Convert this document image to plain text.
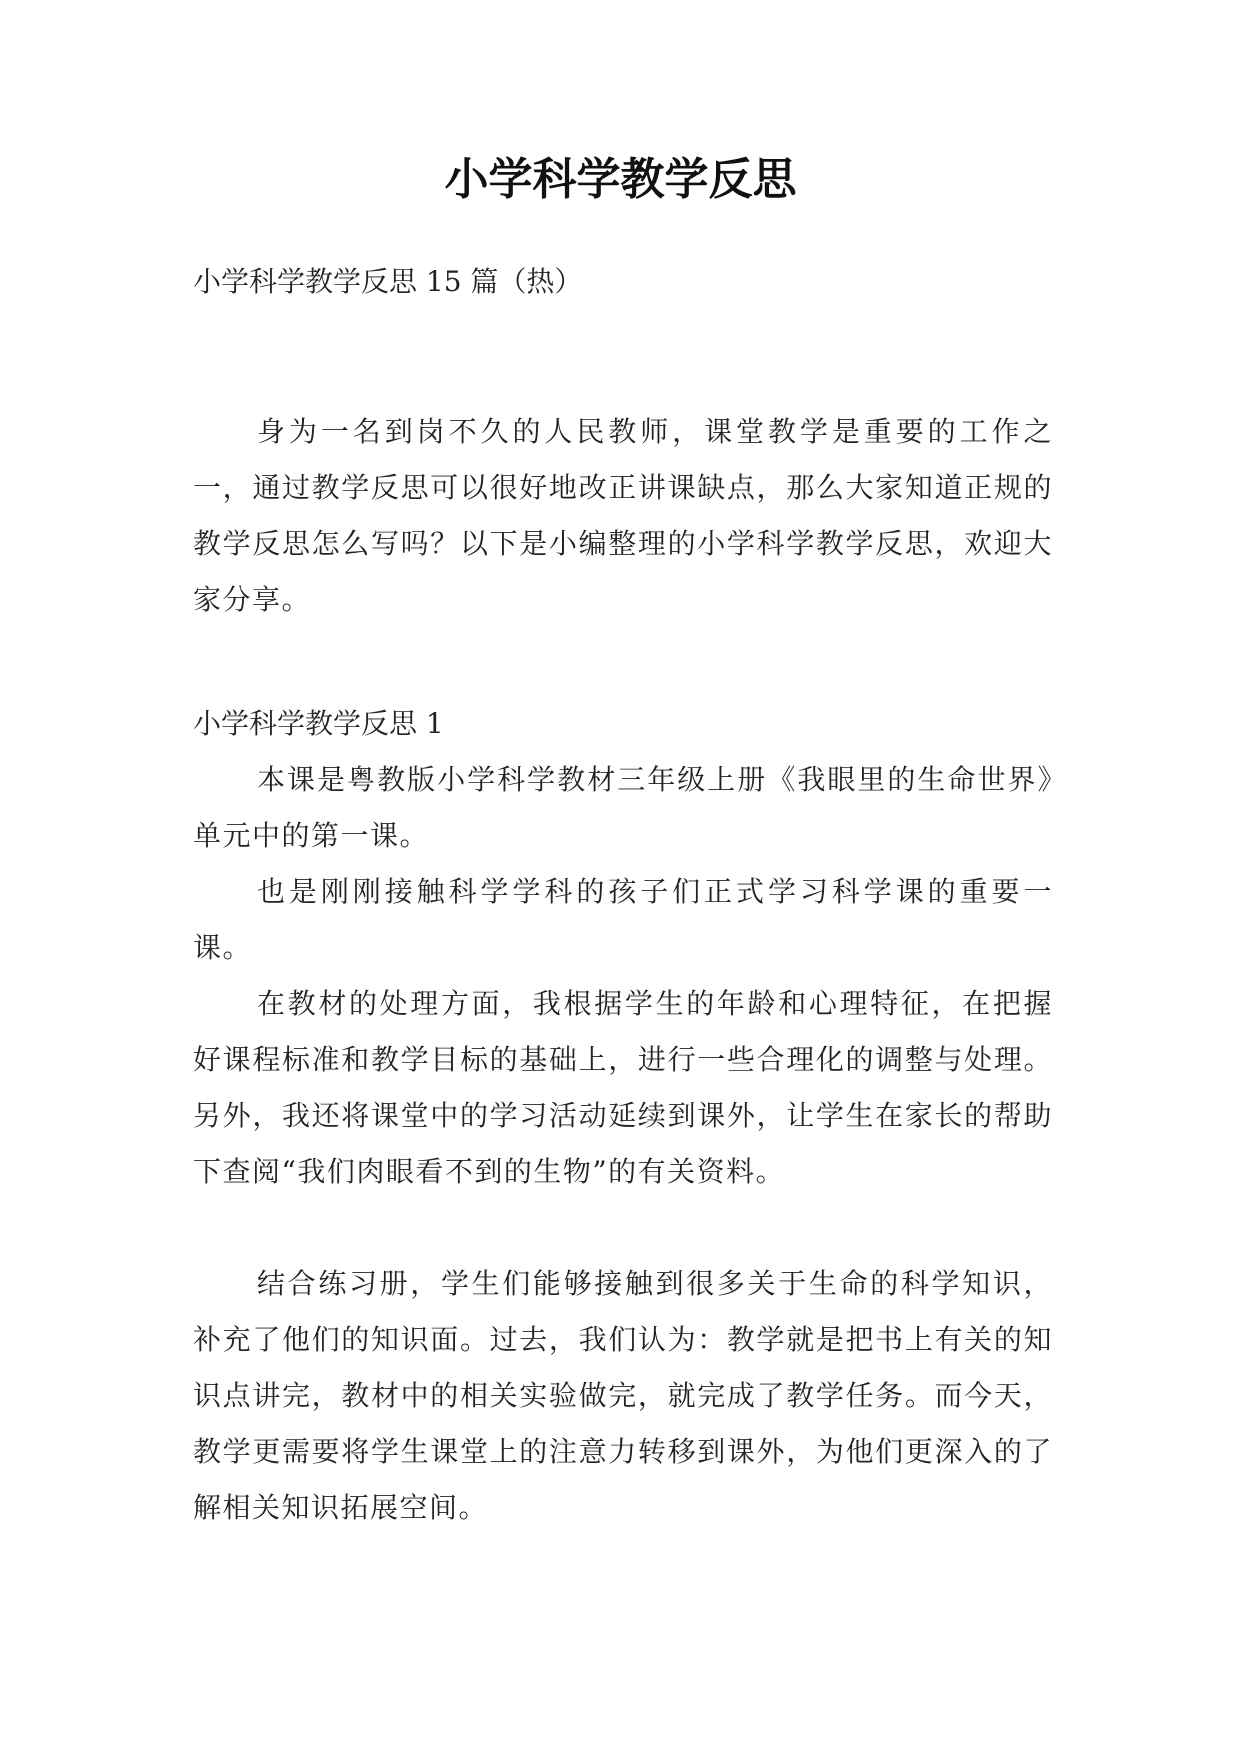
小学科学教学反思

小学科学教学反思 15 篇（热）

身为一名到岗不久的人民教师，课堂教学是重要的工作之一，通过教学反思可以很好地改正讲课缺点，那么大家知道正规的教学反思怎么写吗？以下是小编整理的小学科学教学反思，欢迎大家分享。

小学科学教学反思 1

本课是粤教版小学科学教材三年级上册《我眼里的生命世界》单元中的第一课。

也是刚刚接触科学学科的孩子们正式学习科学课的重要一课。

在教材的处理方面，我根据学生的年龄和心理特征，在把握好课程标准和教学目标的基础上，进行一些合理化的调整与处理。 另外，我还将课堂中的学习活动延续到课外，让学生在家长的帮助下查阅“我们肉眼看不到的生物”的有关资料。

结合练习册，学生们能够接触到很多关于生命的科学知识，补充了他们的知识面。过去，我们认为：教学就是把书上有关的知识点讲完，教材中的相关实验做完，就完成了教学任务。而今天，教学更需要将学生课堂上的注意力转移到课外，为他们更深入的了解相关知识拓展空间。
